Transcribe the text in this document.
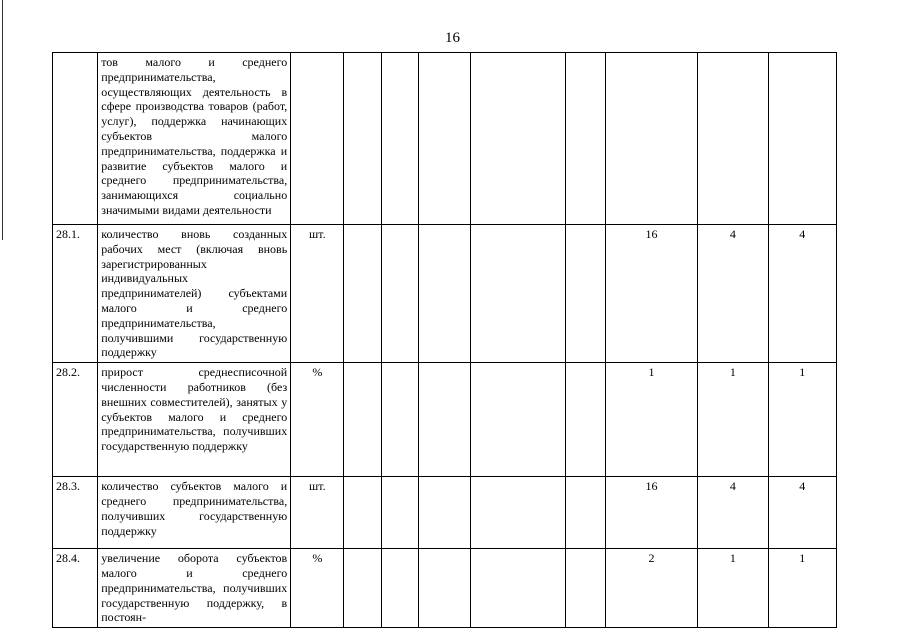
16
	тов малого и среднего предпринимательства, осуществляющих деятельность в сфере производства товаров (работ, услуг), поддержка начинающих субъектов малого предпринимательства, поддержка и развитие субъектов малого и среднего предпринимательства, занимающихся социально значимыми видами деятельности									
28.1.	количество вновь созданных рабочих мест (включая вновь зарегистрированных индивидуальных предпринимателей) субъектами малого и среднего предпринимательства, получившими государственную поддержку	шт.						16	4	4
28.2.	прирост среднесписочной численности работников (без внешних совместителей), занятых у субъектов малого и среднего предпринимательства, получивших государственную поддержку	%						1	1	1
28.3.	количество субъектов малого и среднего предпринимательства, получивших государственную поддержку	шт.						16	4	4
28.4.	увеличение оборота субъектов малого и среднего предпринимательства, получивших государственную поддержку, в постоян-	%						2	1	1
